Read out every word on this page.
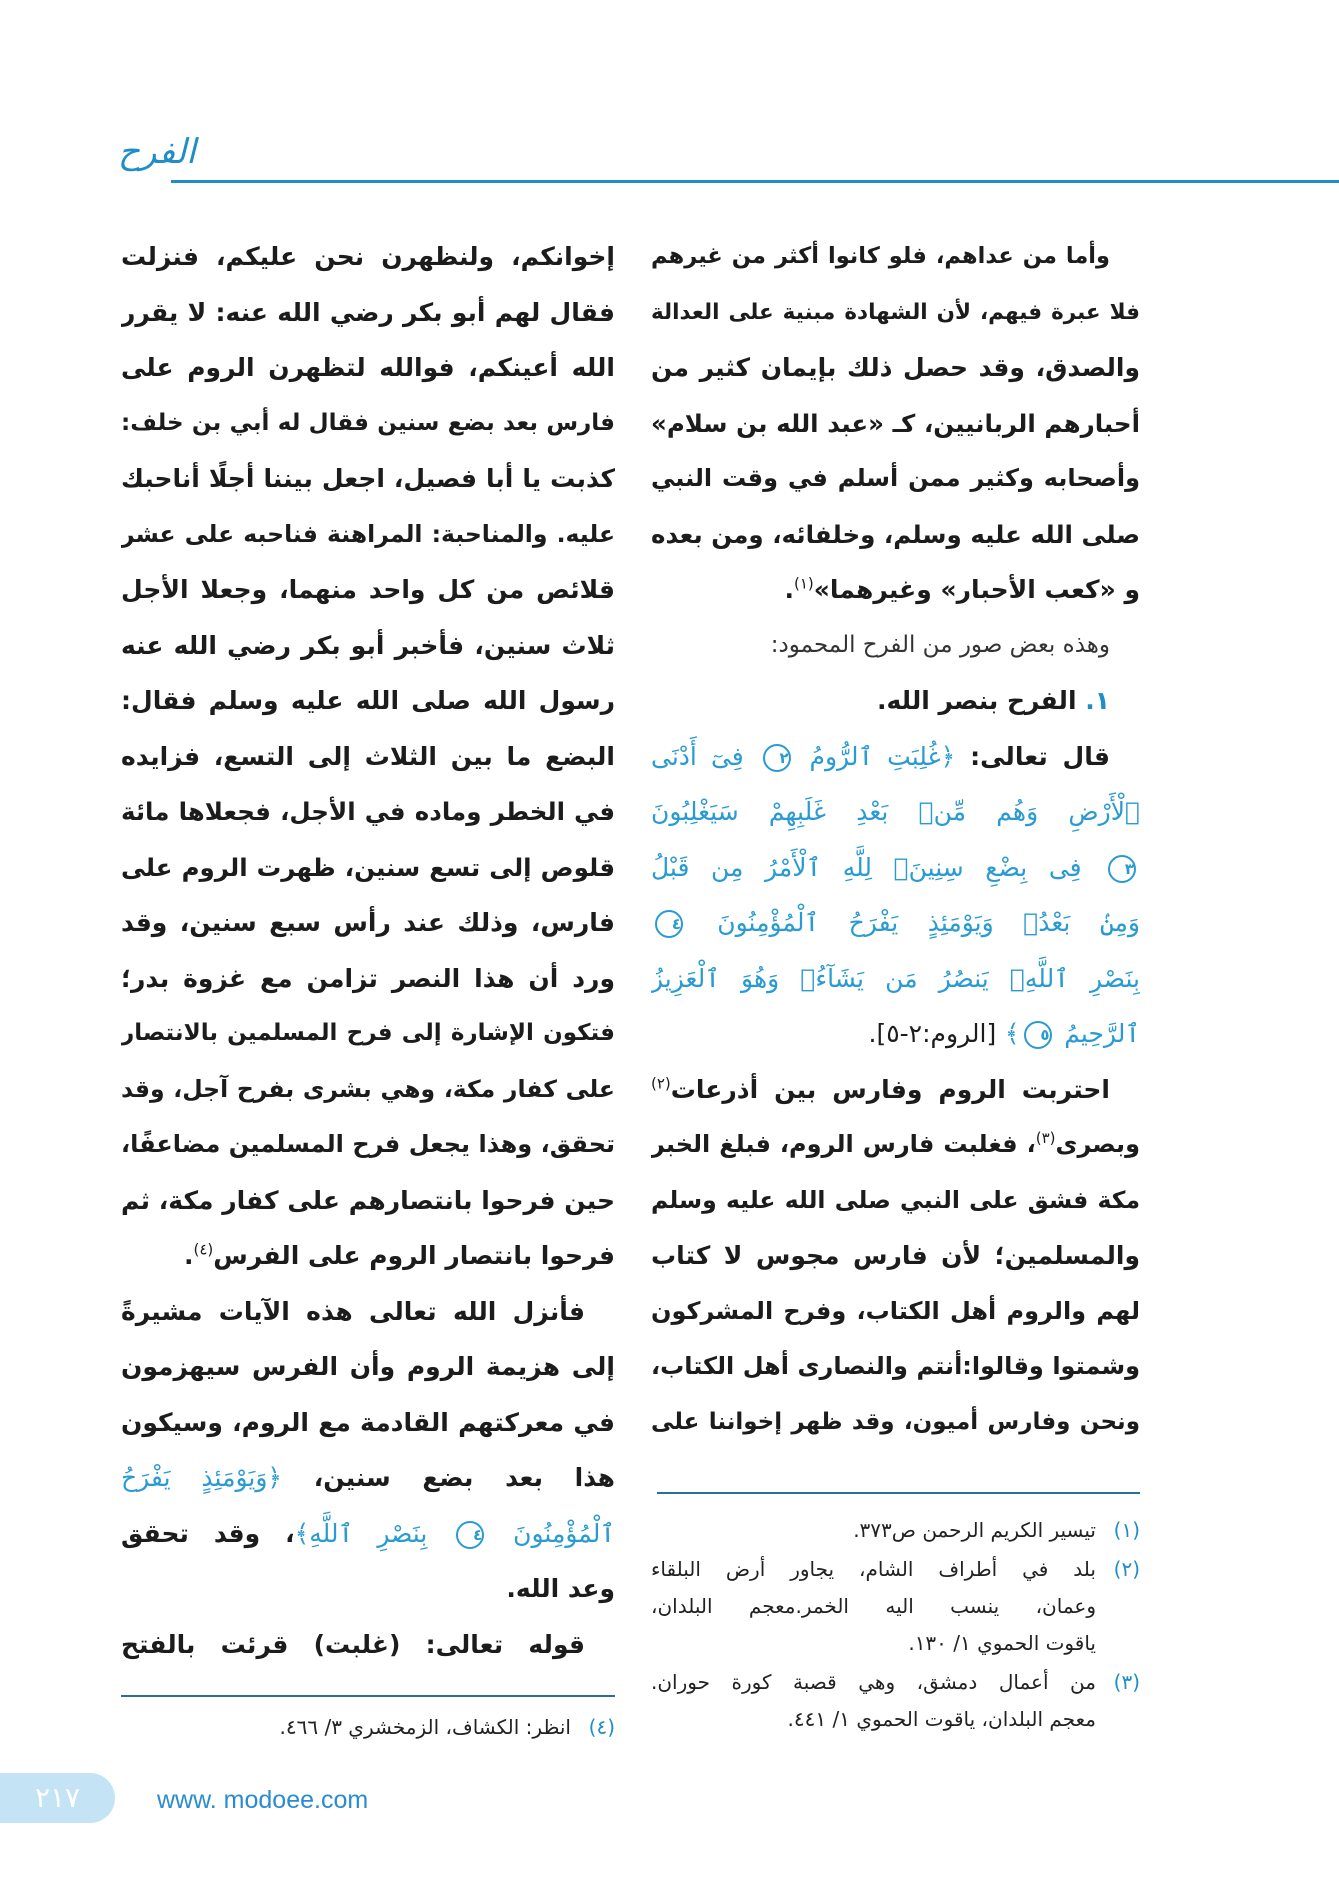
الفرح
وأما من عداهم، فلو كانوا أكثر من غيرهم
فلا عبرة فيهم، لأن الشهادة مبنية على العدالة
والصدق، وقد حصل ذلك بإيمان كثير من
أحبارهم الربانيين، كـ «عبد الله بن سلام»
وأصحابه وكثير ممن أسلم في وقت النبي
صلى الله عليه وسلم، وخلفائه، ومن بعده
و «كعب الأحبار» وغيرهما»$^{(١)}$.
وهذه بعض صور من الفرح المحمود:
١. الفرح بنصر الله.
قال تعالى: ﴿غُلِبَتِ ٱلرُّومُ ٢ فِىٓ أَدْنَى
ٱلْأَرْضِ وَهُم مِّنۢ بَعْدِ غَلَبِهِمْ سَيَغْلِبُونَ
٣ فِى بِضْعِ سِنِينَۗ لِلَّهِ ٱلْأَمْرُ مِن قَبْلُ
وَمِنۢ بَعْدُۚ وَيَوْمَئِذٍ يَفْرَحُ ٱلْمُؤْمِنُونَ ٤
بِنَصْرِ ٱللَّهِۚ يَنصُرُ مَن يَشَآءُۖ وَهُوَ ٱلْعَزِيزُ
ٱلرَّحِيمُ ٥﴾ [الروم:٢-٥].
احتربت الروم وفارس بين أذرعات$^{(٢)}$
وبصرى$^{(٣)}$، فغلبت فارس الروم، فبلغ الخبر
مكة فشق على النبي صلى الله عليه وسلم
والمسلمين؛ لأن فارس مجوس لا كتاب
لهم والروم أهل الكتاب، وفرح المشركون
وشمتوا وقالوا:أنتم والنصارى أهل الكتاب،
ونحن وفارس أميون، وقد ظهر إخواننا على
(١)
تيسير الكريم الرحمن ص٣٧٣.
(٢)
بلد في أطراف الشام، يجاور أرض البلقاء
وعمان، ينسب اليه الخمر.معجم البلدان،
ياقوت الحموي ١/ ١٣٠.
(٣)
من أعمال دمشق، وهي قصبة كورة حوران.
معجم البلدان، ياقوت الحموي ١/ ٤٤١.
إخوانكم، ولنظهرن نحن عليكم، فنزلت
فقال لهم أبو بكر رضي الله عنه: لا يقرر
الله أعينكم، فوالله لتظهرن الروم على
فارس بعد بضع سنين فقال له أبي بن خلف:
كذبت يا أبا فصيل، اجعل بيننا أجلًا أناحبك
عليه. والمناحبة: المراهنة فناحبه على عشر
قلائص من كل واحد منهما، وجعلا الأجل
ثلاث سنين، فأخبر أبو بكر رضي الله عنه
رسول الله صلى الله عليه وسلم فقال:
البضع ما بين الثلاث إلى التسع، فزايده
في الخطر وماده في الأجل، فجعلاها مائة
قلوص إلى تسع سنين، ظهرت الروم على
فارس، وذلك عند رأس سبع سنين، وقد
ورد أن هذا النصر تزامن مع غزوة بدر؛
فتكون الإشارة إلى فرح المسلمين بالانتصار
على كفار مكة، وهي بشرى بفرح آجل، وقد
تحقق، وهذا يجعل فرح المسلمين مضاعفًا،
حين فرحوا بانتصارهم على كفار مكة، ثم
فرحوا بانتصار الروم على الفرس$^{(٤)}$.
فأنزل الله تعالى هذه الآيات مشيرةً
إلى هزيمة الروم وأن الفرس سيهزمون
في معركتهم القادمة مع الروم، وسيكون
هذا بعد بضع سنين، ﴿وَيَوْمَئِذٍ يَفْرَحُ
ٱلْمُؤْمِنُونَ ٤ بِنَصْرِ ٱللَّهِ﴾، وقد تحقق
وعد الله.
قوله تعالى: (غلبت) قرئت بالفتح
(٤)
انظر: الكشاف، الزمخشري ٣/ ٤٦٦.
٢١٧	www. modoee.com
